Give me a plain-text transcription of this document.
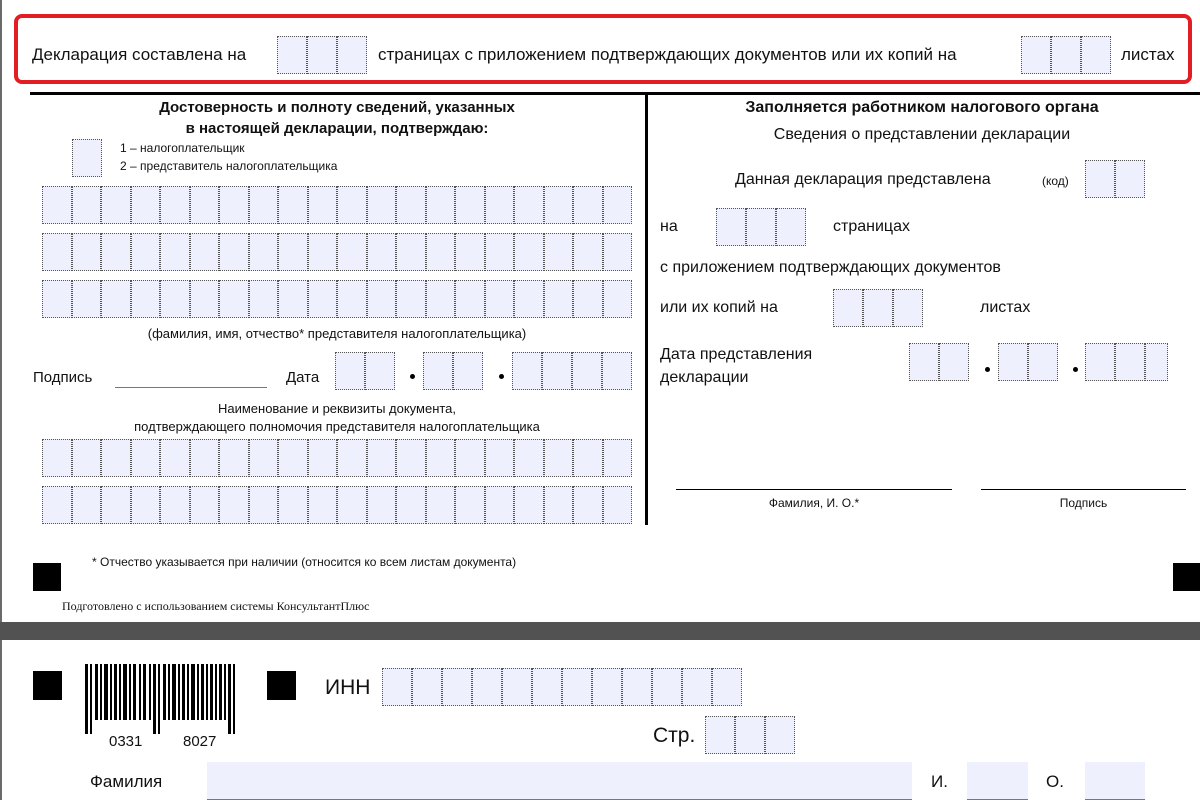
Декларация составлена на	страницах с приложением подтверждающих документов или их копий на	листах
Достоверность и полноту сведений, указанных
в настоящей декларации, подтверждаю:
1 – налогоплательщик
2 – представитель налогоплательщика
(фамилия, имя, отчество* представителя налогоплательщика)
Подпись	Дата
Наименование и реквизиты документа,
подтверждающего полномочия представителя налогоплательщика
* Отчество указывается при наличии (относится ко всем листам документа)
Подготовлено с использованием системы КонсультантПлюс
Заполняется работником налогового органа
Сведения о представлении декларации
Данная декларация представлена	(код)
на	страницах
с приложением подтверждающих документов
или их копий на	листах
Дата представления
декларации
Фамилия, И. О.*	Подпись
0331	8027
ИНН
Стр.
Фамилия	И.	О.
